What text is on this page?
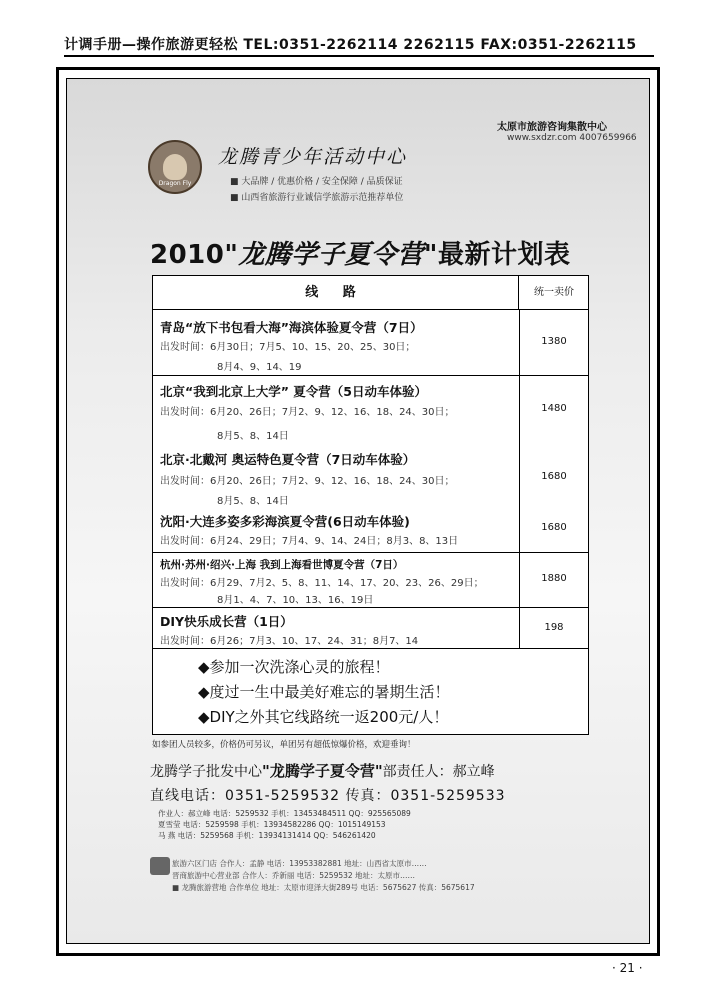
计调手册—操作旅游更轻松 TEL:0351-2262114 2262115 FAX:0351-2262115
Dragon Fly
龙腾青少年活动中心
■ 大品牌 / 优惠价格 / 安全保障 / 品质保证
■ 山西省旅游行业诚信学旅游示范推荐单位
太原市旅游咨询集散中心
www.sxdzr.com 4007659966
2010"龙腾学子夏令营"最新计划表
线 路	统一卖价
青岛“放下书包看大海”海滨体验夏令营（7日）
出发时间：6月30日；7月5、10、15、20、25、30日；
8月4、9、14、19
1380
北京“我到北京上大学” 夏令营（5日动车体验）
出发时间：6月20、26日；7月2、9、12、16、18、24、30日；
8月5、8、14日
1480
北京·北戴河 奥运特色夏令营（7日动车体验）
出发时间：6月20、26日；7月2、9、12、16、18、24、30日；
8月5、8、14日
1680
沈阳·大连多姿多彩海滨夏令营(6日动车体验)
出发时间：6月24、29日；7月4、9、14、24日；8月3、8、13日
1680
杭州·苏州·绍兴·上海 我到上海看世博夏令营（7日）
出发时间：6月29、7月2、5、8、11、14、17、20、23、26、29日；
8月1、4、7、10、13、16、19日
1880
DIY快乐成长营（1日）
出发时间：6月26；7月3、10、17、24、31；8月7、14
198
◆参加一次洗涤心灵的旅程！
◆度过一生中最美好难忘的暑期生活！
◆DIY之外其它线路统一返200元/人！
如参团人员较多，价格仍可另议，单团另有超低惊爆价格，欢迎垂询！
龙腾学子批发中心"龙腾学子夏令营"部责任人：郝立峰
直线电话：0351-5259532 传真：0351-5259533
作业人：郝立峰 电话：5259532 手机：13453484511 QQ：925565089
夏雪莹 电话：5259598 手机：13934582286 QQ：1015149153
马 燕 电话：5259568 手机：13934131414 QQ：546261420
旅游六区门店 合作人：孟静 电话：13953382881 地址：山西省太原市……
晋商旅游中心营业部 合作人：乔新丽 电话：5259532 地址：太原市……
■ 龙腾旅游营地 合作单位 地址：太原市迎泽大街289号 电话：5675627 传真：5675617
· 21 ·
